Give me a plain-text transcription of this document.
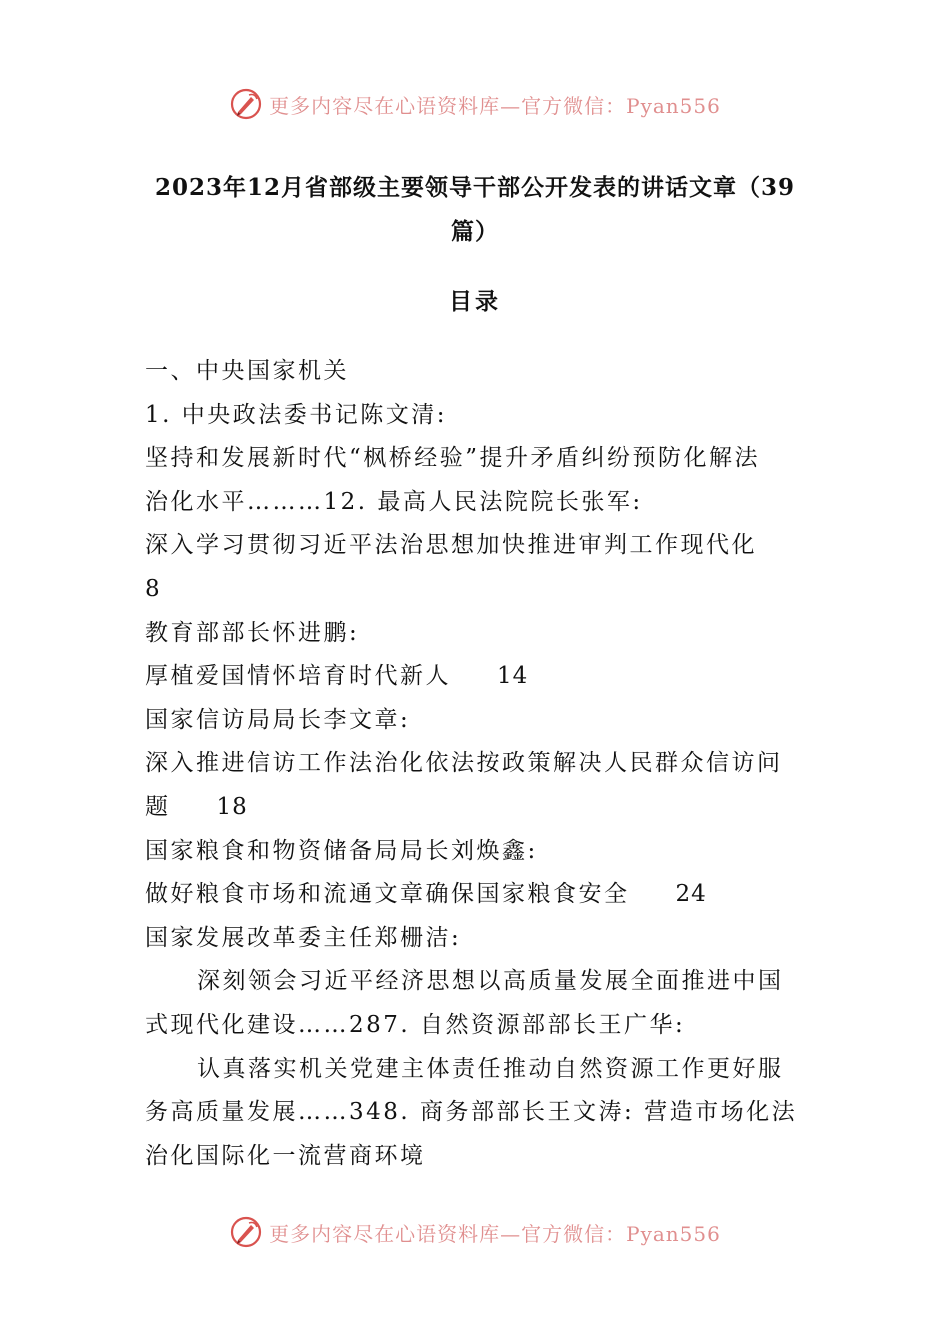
更多内容尽在心语资料库—官方微信：Pyan556
2023年12月省部级主要领导干部公开发表的讲话文章（39
篇）
目录
一、中央国家机关
1. 中央政法委书记陈文清:
坚持和发展新时代“枫桥经验”提升矛盾纠纷预防化解法
治化水平………12. 最高人民法院院长张军:
深入学习贯彻习近平法治思想加快推进审判工作现代化
8
教育部部长怀进鹏:
厚植爱国情怀培育时代新人 14
国家信访局局长李文章:
深入推进信访工作法治化依法按政策解决人民群众信访问
题 18
国家粮食和物资储备局局长刘焕鑫:
做好粮食市场和流通文章确保国家粮食安全 24
国家发展改革委主任郑栅洁:
深刻领会习近平经济思想以高质量发展全面推进中国
式现代化建设……287. 自然资源部部长王广华:
认真落实机关党建主体责任推动自然资源工作更好服
务高质量发展……348. 商务部部长王文涛: 营造市场化法
治化国际化一流营商环境
更多内容尽在心语资料库—官方微信：Pyan556
